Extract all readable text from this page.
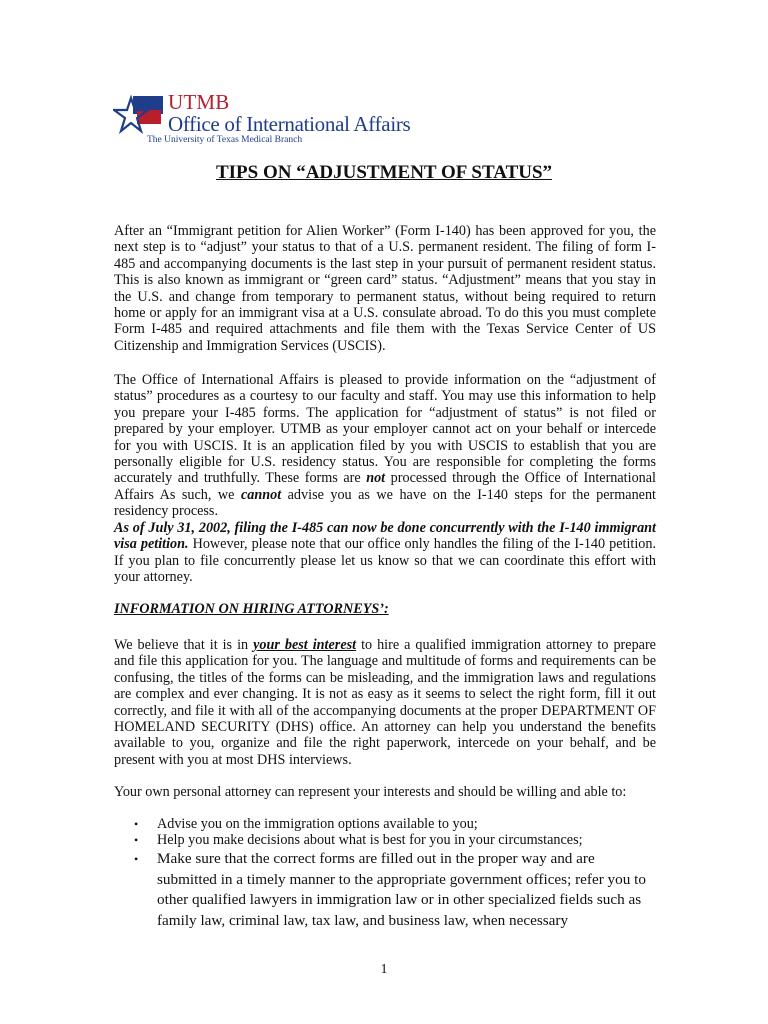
UTMB
Office of International Affairs
The University of Texas Medical Branch
TIPS ON “ADJUSTMENT OF STATUS”
After an “Immigrant petition for Alien Worker” (Form I-140) has been approved for you, the next step is to “adjust” your status to that of a U.S. permanent resident. The filing of form I-485 and accompanying documents is the last step in your pursuit of permanent resident status. This is also known as immigrant or “green card” status. “Adjustment” means that you stay in the U.S. and change from temporary to permanent status, without being required to return home or apply for an immigrant visa at a U.S. consulate abroad. To do this you must complete Form I-485 and required attachments and file them with the Texas Service Center of US Citizenship and Immigration Services (USCIS).
The Office of International Affairs is pleased to provide information on the “adjustment of status” procedures as a courtesy to our faculty and staff. You may use this information to help you prepare your I-485 forms. The application for “adjustment of status” is not filed or prepared by your employer. UTMB as your employer cannot act on your behalf or intercede for you with USCIS. It is an application filed by you with USCIS to establish that you are personally eligible for U.S. residency status. You are responsible for completing the forms accurately and truthfully. These forms are not processed through the Office of International Affairs As such, we cannot advise you as we have on the I-140 steps for the permanent residency process.
As of July 31, 2002, filing the I-485 can now be done concurrently with the I-140 immigrant visa petition. However, please note that our office only handles the filing of the I-140 petition. If you plan to file concurrently please let us know so that we can coordinate this effort with your attorney.
INFORMATION ON HIRING ATTORNEYS’:
We believe that it is in your best interest to hire a qualified immigration attorney to prepare and file this application for you. The language and multitude of forms and requirements can be confusing, the titles of the forms can be misleading, and the immigration laws and regulations are complex and ever changing. It is not as easy as it seems to select the right form, fill it out correctly, and file it with all of the accompanying documents at the proper DEPARTMENT OF HOMELAND SECURITY (DHS) office. An attorney can help you understand the benefits available to you, organize and file the right paperwork, intercede on your behalf, and be present with you at most DHS interviews.
Your own personal attorney can represent your interests and should be willing and able to:
• Advise you on the immigration options available to you;
• Help you make decisions about what is best for you in your circumstances;
• Make sure that the correct forms are filled out in the proper way and are submitted in a timely manner to the appropriate government offices; refer you to other qualified lawyers in immigration law or in other specialized fields such as family law, criminal law, tax law, and business law, when necessary
1
